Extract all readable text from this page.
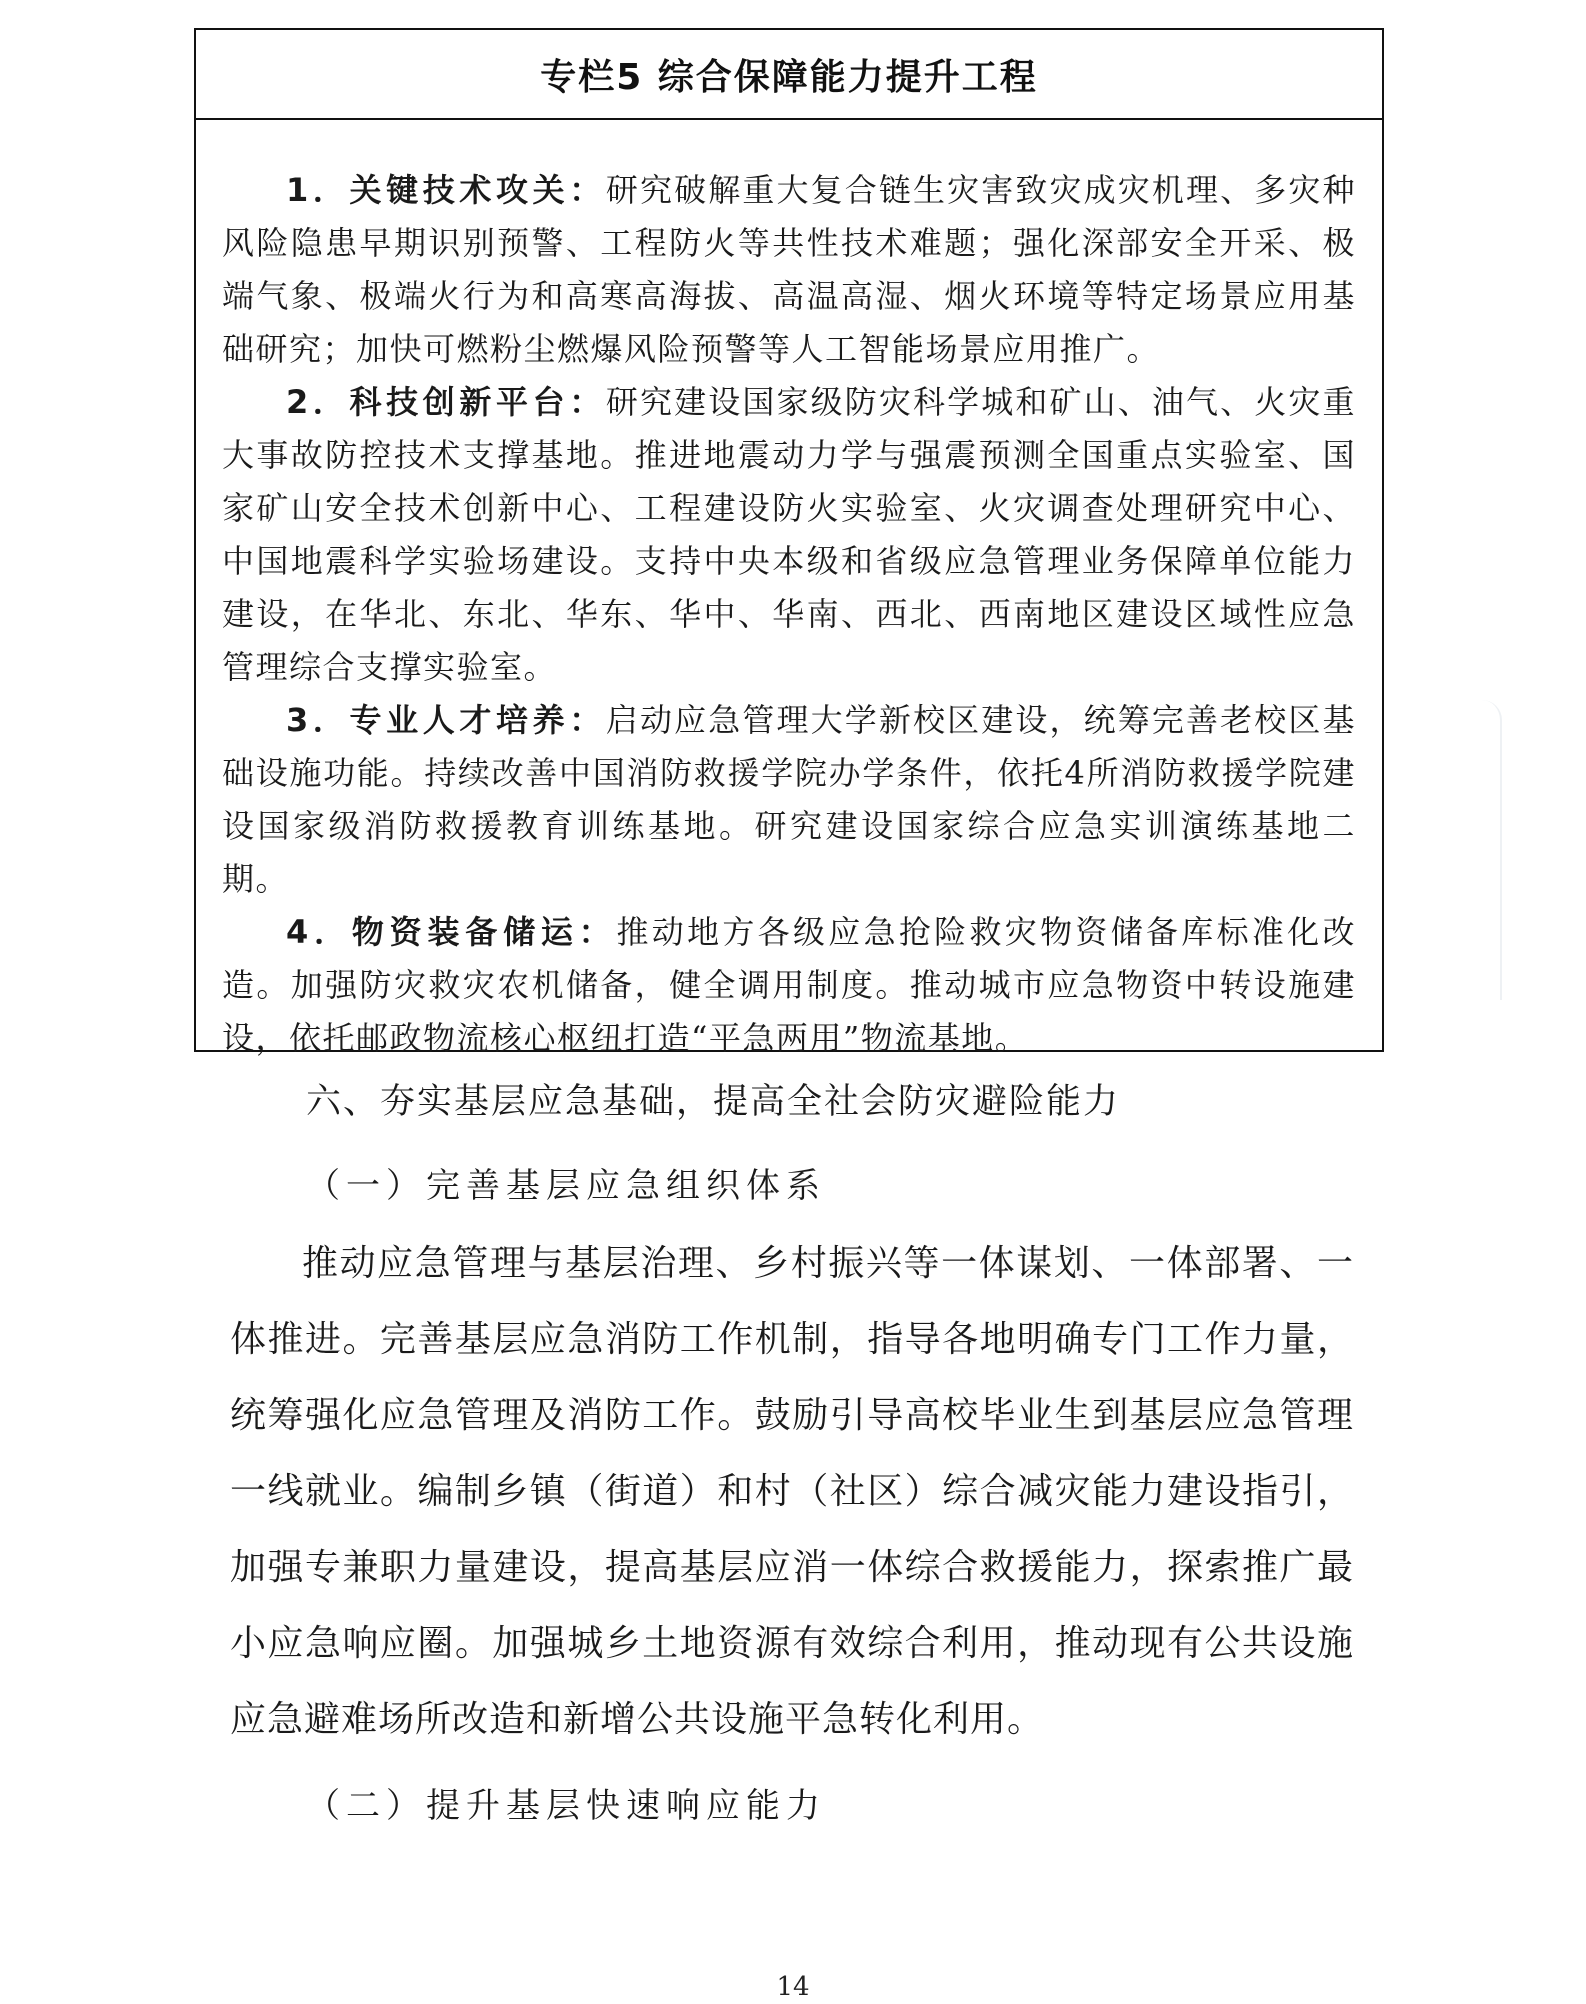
专栏5 综合保障能力提升工程

1．关键技术攻关：研究破解重大复合链生灾害致灾成灾机理、多灾种风险隐患早期识别预警、工程防火等共性技术难题；强化深部安全开采、极端气象、极端火行为和高寒高海拔、高温高湿、烟火环境等特定场景应用基础研究；加快可燃粉尘燃爆风险预警等人工智能场景应用推广。

2．科技创新平台：研究建设国家级防灾科学城和矿山、油气、火灾重大事故防控技术支撑基地。推进地震动力学与强震预测全国重点实验室、国家矿山安全技术创新中心、工程建设防火实验室、火灾调查处理研究中心、中国地震科学实验场建设。支持中央本级和省级应急管理业务保障单位能力建设，在华北、东北、华东、华中、华南、西北、西南地区建设区域性应急管理综合支撑实验室。

3．专业人才培养：启动应急管理大学新校区建设，统筹完善老校区基础设施功能。持续改善中国消防救援学院办学条件，依托4所消防救援学院建设国家级消防救援教育训练基地。研究建设国家综合应急实训演练基地二期。

4．物资装备储运：推动地方各级应急抢险救灾物资储备库标准化改造。加强防灾救灾农机储备，健全调用制度。推动城市应急物资中转设施建设，依托邮政物流核心枢纽打造“平急两用”物流基地。

六、夯实基层应急基础，提高全社会防灾避险能力
（一）完善基层应急组织体系

推动应急管理与基层治理、乡村振兴等一体谋划、一体部署、一体推进。完善基层应急消防工作机制，指导各地明确专门工作力量，统筹强化应急管理及消防工作。鼓励引导高校毕业生到基层应急管理一线就业。编制乡镇（街道）和村（社区）综合减灾能力建设指引，加强专兼职力量建设，提高基层应消一体综合救援能力，探索推广最小应急响应圈。加强城乡土地资源有效综合利用，推动现有公共设施应急避难场所改造和新增公共设施平急转化利用。

（二）提升基层快速响应能力
14
